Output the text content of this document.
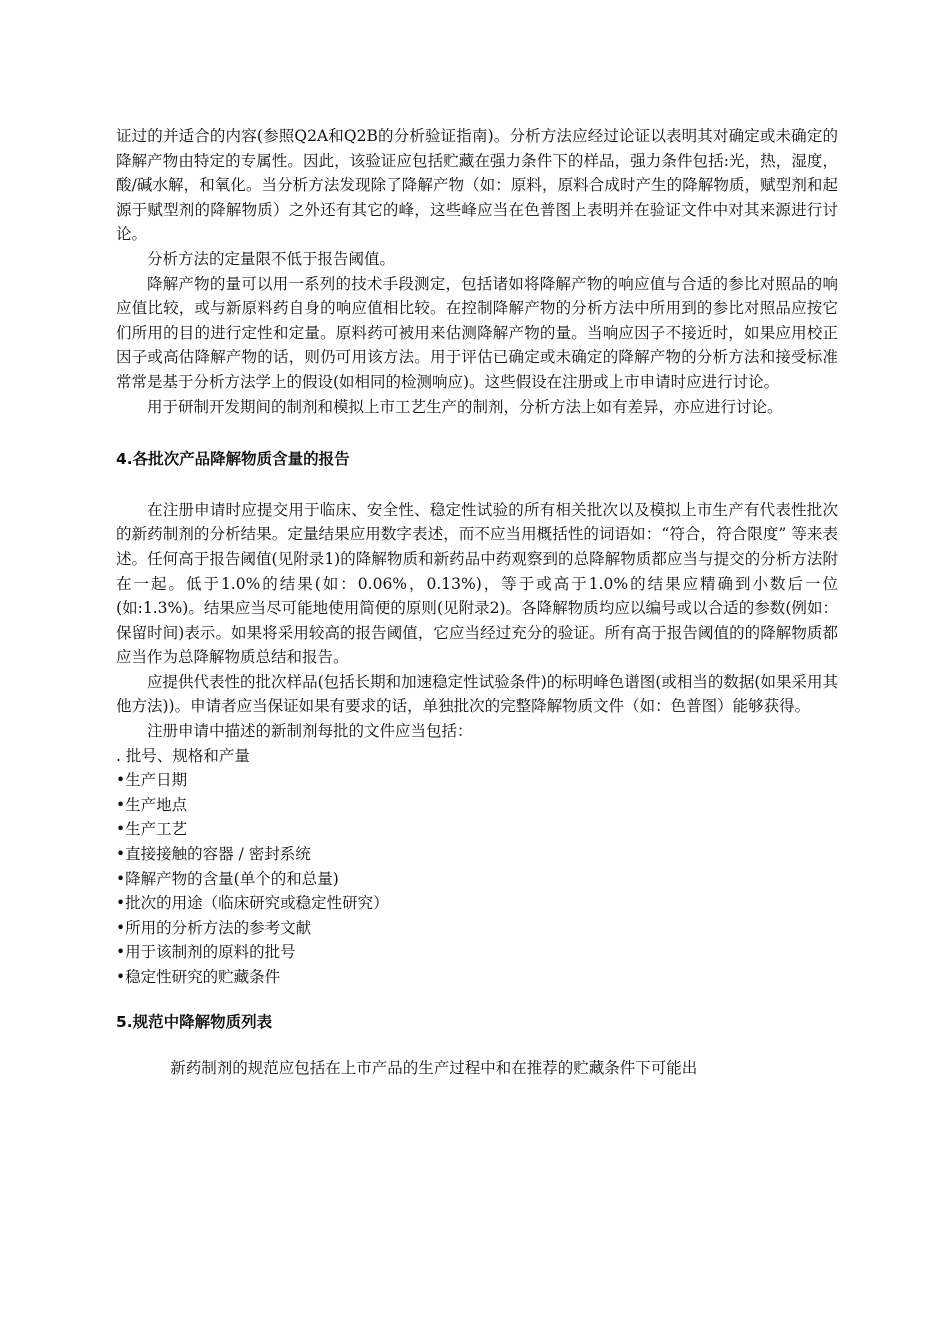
证过的并适合的内容(参照Q2A和Q2B的分析验证指南)。分析方法应经过论证以表明其对确定或未确定的降解产物由特定的专属性。因此，该验证应包括贮藏在强力条件下的样品，强力条件包括:光，热，湿度，酸/碱水解，和氧化。当分析方法发现除了降解产物（如：原料，原料合成时产生的降解物质，赋型剂和起源于赋型剂的降解物质）之外还有其它的峰，这些峰应当在色普图上表明并在验证文件中对其来源进行讨论。

分析方法的定量限不低于报告阈值。

降解产物的量可以用一系列的技术手段测定，包括诸如将降解产物的响应值与合适的参比对照品的响应值比较，或与新原料药自身的响应值相比较。在控制降解产物的分析方法中所用到的参比对照品应按它们所用的目的进行定性和定量。原料药可被用来估测降解产物的量。当响应因子不接近时，如果应用校正因子或高估降解产物的话，则仍可用该方法。用于评估已确定或未确定的降解产物的分析方法和接受标准常常是基于分析方法学上的假设(如相同的检测响应)。这些假设在注册或上市申请时应进行讨论。

用于研制开发期间的制剂和模拟上市工艺生产的制剂，分析方法上如有差异，亦应进行讨论。

4.各批次产品降解物质含量的报告

在注册申请时应提交用于临床、安全性、稳定性试验的所有相关批次以及模拟上市生产有代表性批次的新药制剂的分析结果。定量结果应用数字表述，而不应当用概括性的词语如：“符合，符合限度” 等来表述。任何高于报告阈值(见附录1)的降解物质和新药品中药观察到的总降解物质都应当与提交的分析方法附在一起。低于1.0%的结果(如：0.06%，0.13%)，等于或高于1.0%的结果应精确到小数后一位(如:1.3%)。结果应当尽可能地使用简便的原则(见附录2)。各降解物质均应以编号或以合适的参数(例如：保留时间)表示。如果将采用较高的报告阈值，它应当经过充分的验证。所有高于报告阈值的的降解物质都应当作为总降解物质总结和报告。

应提供代表性的批次样品(包括长期和加速稳定性试验条件)的标明峰色谱图(或相当的数据(如果采用其他方法))。申请者应当保证如果有要求的话，单独批次的完整降解物质文件（如：色普图）能够获得。

注册申请中描述的新制剂每批的文件应当包括：

. 批号、规格和产量
•生产日期
•生产地点
•生产工艺
•直接接触的容器 / 密封系统
•降解产物的含量(单个的和总量)
•批次的用途（临床研究或稳定性研究）
•所用的分析方法的参考文献
•用于该制剂的原料的批号
•稳定性研究的贮藏条件
5.规范中降解物质列表

新药制剂的规范应包括在上市产品的生产过程中和在推荐的贮藏条件下可能出
